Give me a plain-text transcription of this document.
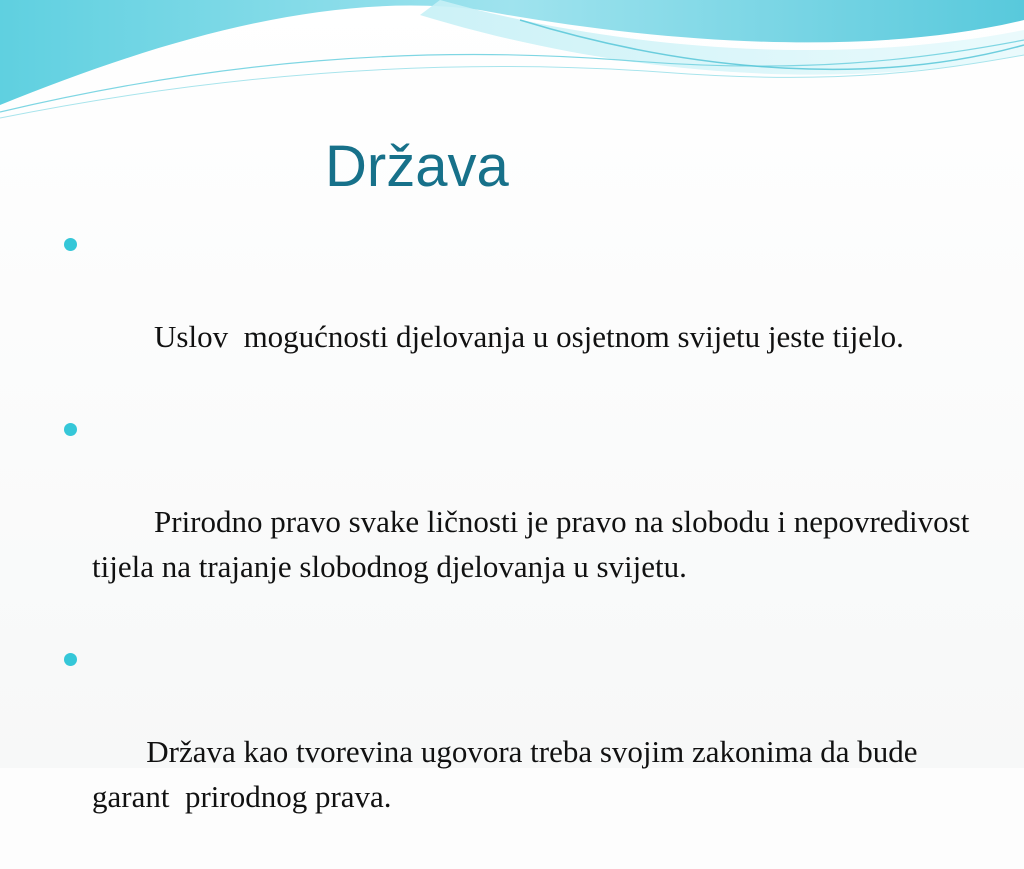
Država

Uslov  mogućnosti djelovanja u osjetnom svijetu jeste tijelo.

Prirodno pravo svake ličnosti je pravo na slobodu i nepovredivost tijela na trajanje slobodnog djelovanja u svijetu.

Država kao tvorevina ugovora treba svojim zakonima da bude garant  prirodnog prava.
